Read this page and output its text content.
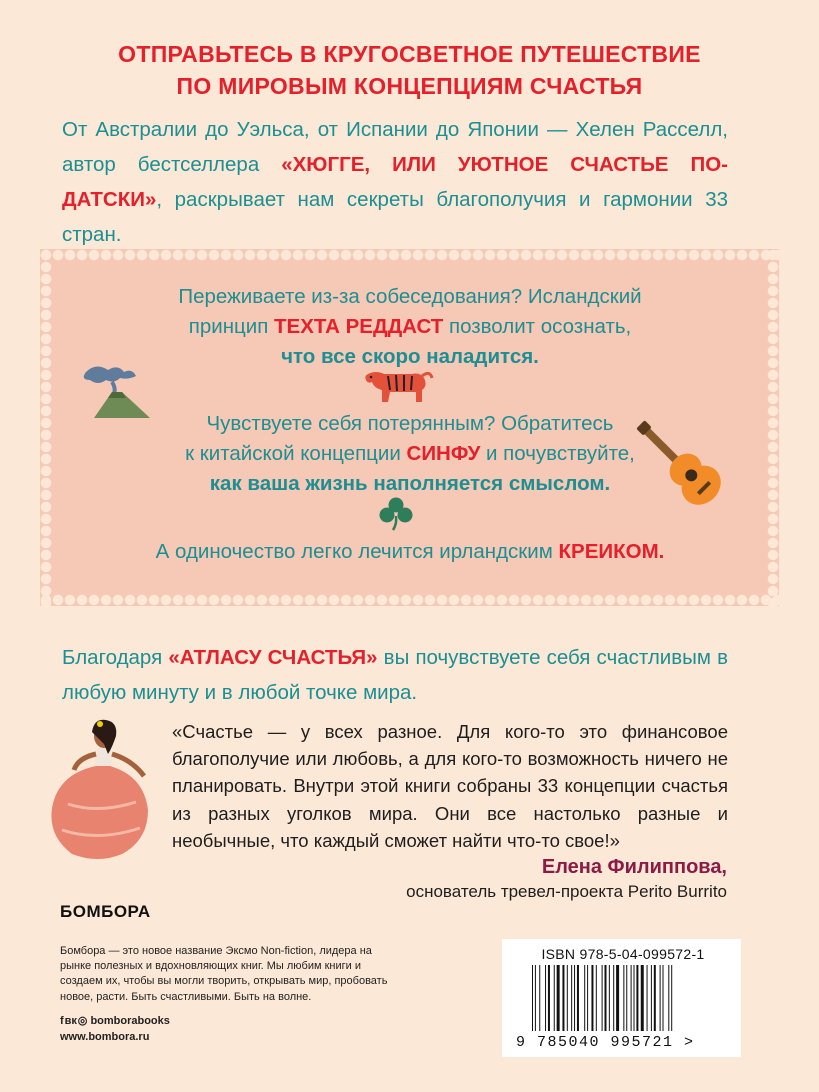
ОТПРАВЬТЕСЬ В КРУГОСВЕТНОЕ ПУТЕШЕСТВИЕ
ПО МИРОВЫМ КОНЦЕПЦИЯМ СЧАСТЬЯ
От Австралии до Уэльса, от Испании до Японии — Хелен Расселл, автор бестселлера «ХЮГГЕ, ИЛИ УЮТНОЕ СЧАСТЬЕ ПО-ДАТСКИ», раскрывает нам секреты благополучия и гармонии 33 стран.
Переживаете из-за собеседования? Исландский
принцип ТЕХТА РЕДДАСТ позволит осознать,
что все скоро наладится.
Чувствуете себя потерянным? Обратитесь
к китайской концепции СИНФУ и почувствуйте,
как ваша жизнь наполняется смыслом.
А одиночество легко лечится ирландским КРЕИКОМ.
Благодаря «АТЛАСУ СЧАСТЬЯ» вы почувствуете себя счастливым в любую минуту и в любой точке мира.
«Счастье — у всех разное. Для кого-то это финансовое благополучие или любовь, а для кого-то возможность ничего не планировать. Внутри этой книги собраны 33 концепции счастья из разных уголков мира. Они все настолько разные и необычные, что каждый сможет найти что-то свое!»
Елена Филиппова,
основатель тревел-проекта Perito Burrito
БОМБОРА
Бомбора — это новое название Эксмо Non-fiction, лидера на рынке полезных и вдохновляющих книг. Мы любим книги и создаем их, чтобы вы могли творить, открывать мир, пробовать новое, расти. Быть счастливыми. Быть на волне.
f вк ◎ bomborabooks
www.bombora.ru
ISBN 978-5-04-099572-1
9 785040 995721 >
